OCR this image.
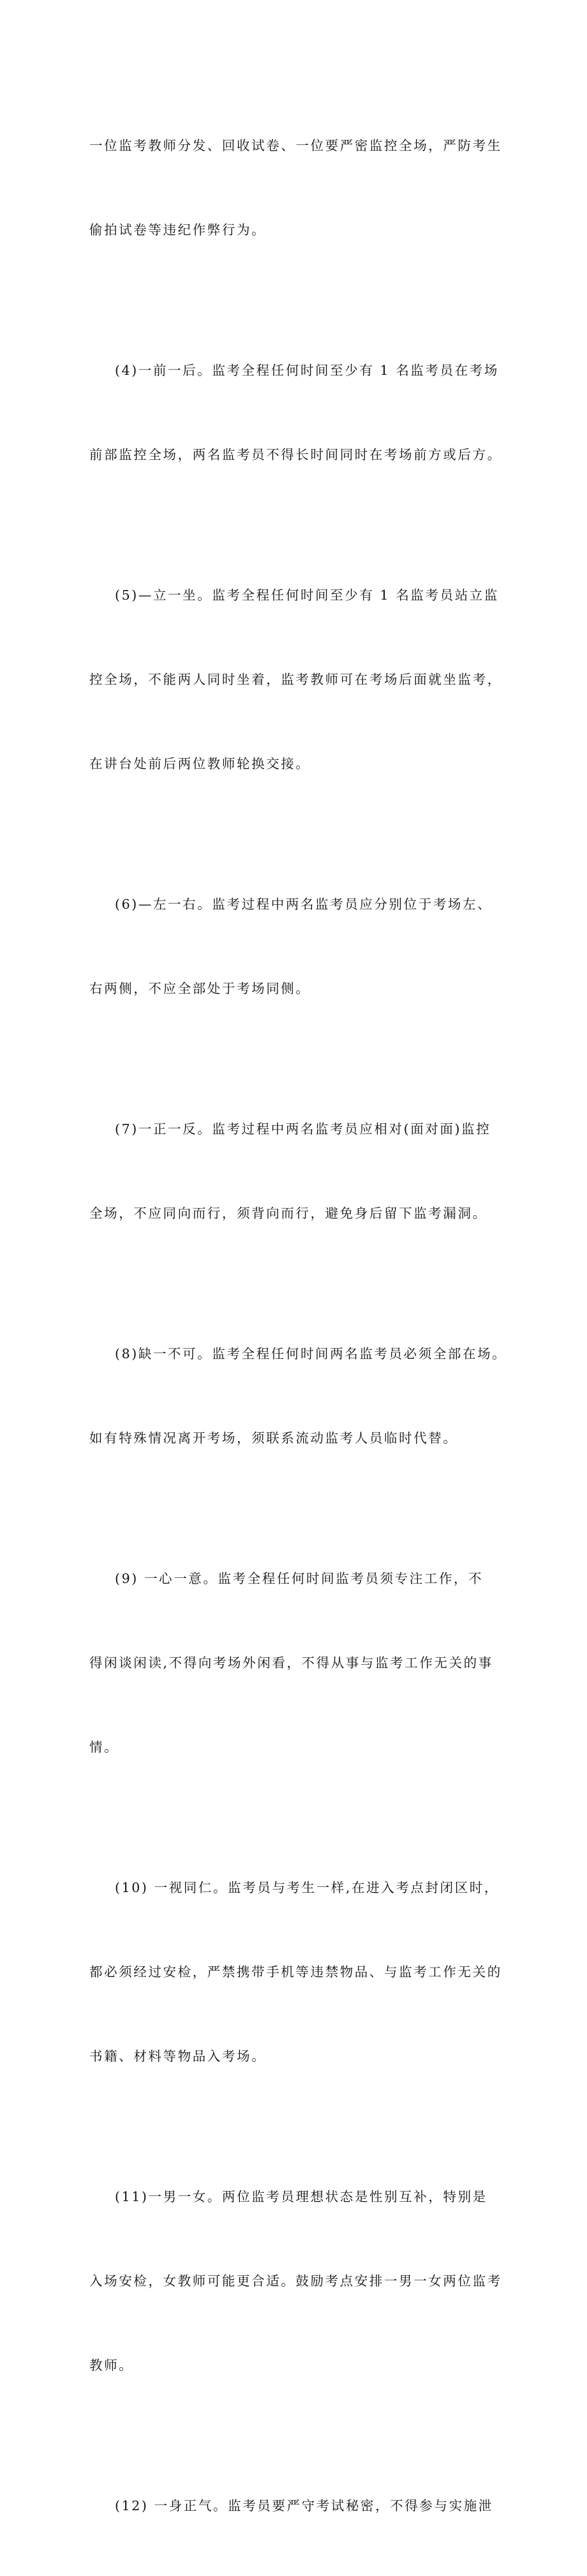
一位监考教师分发、回收试卷、一位要严密监控全场，严防考生

偷拍试卷等违纪作弊行为。

(4)一前一后。监考全程任何时间至少有 1 名监考员在考场

前部监控全场，两名监考员不得长时间同时在考场前方或后方。

(5)—立一坐。监考全程任何时间至少有 1 名监考员站立监

控全场，不能两人同时坐着，监考教师可在考场后面就坐监考，

在讲台处前后两位教师轮换交接。

(6)—左一右。监考过程中两名监考员应分别位于考场左、

右两侧，不应全部处于考场同侧。

(7)一正一反。监考过程中两名监考员应相对(面对面)监控

全场，不应同向而行，须背向而行，避免身后留下监考漏洞。

(8)缺一不可。监考全程任何时间两名监考员必须全部在场。

如有特殊情况离开考场，须联系流动监考人员临时代替。

(9) 一心一意。监考全程任何时间监考员须专注工作，不

得闲谈闲读,不得向考场外闲看，不得从事与监考工作无关的事

情。

(10) 一视同仁。监考员与考生一样,在进入考点封闭区时，

都必须经过安检，严禁携带手机等违禁物品、与监考工作无关的

书籍、材料等物品入考场。

(11)一男一女。两位监考员理想状态是性别互补，特别是

入场安检，女教师可能更合适。鼓励考点安排一男一女两位监考

教师。

(12) 一身正气。监考员要严守考试秘密，不得参与实施泄
